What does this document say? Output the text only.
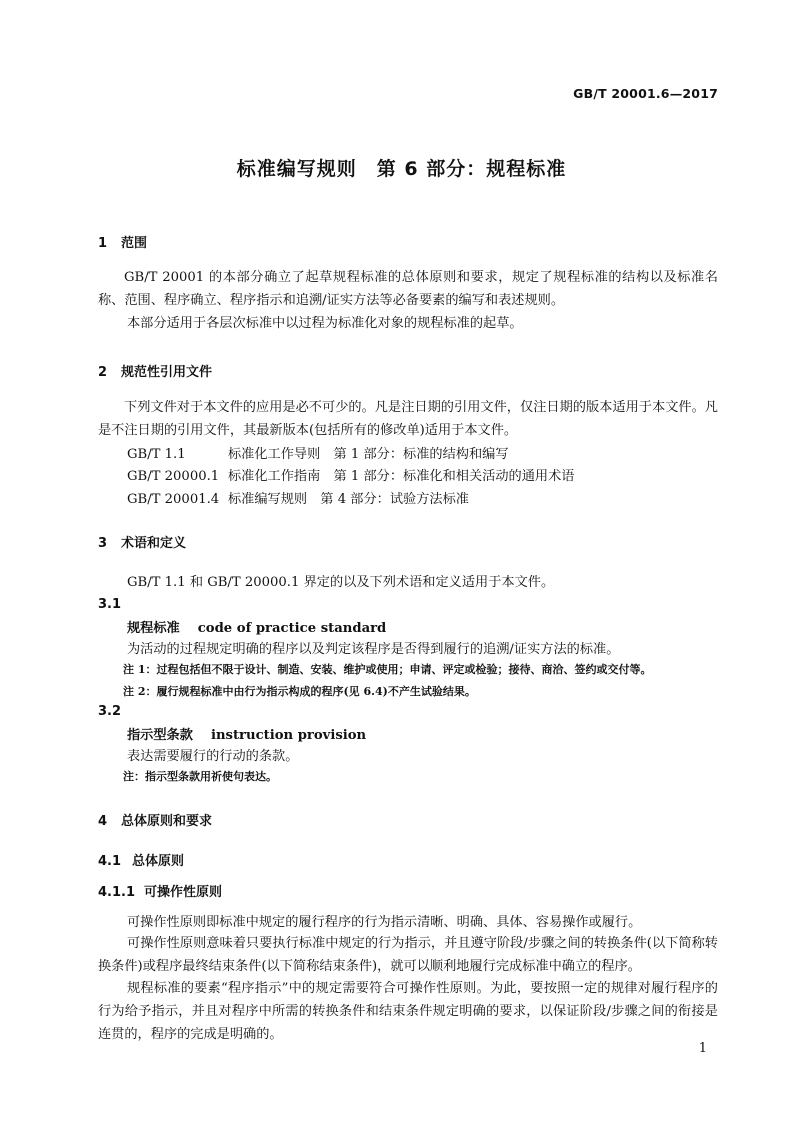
GB/T 20001.6—2017
标准编写规则　第 6 部分：规程标准
1 范围
GB/T 20001 的本部分确立了起草规程标准的总体原则和要求，规定了规程标准的结构以及标准名称、范围、程序确立、程序指示和追溯/证实方法等必备要素的编写和表述规则。
本部分适用于各层次标准中以过程为标准化对象的规程标准的起草。
2 规范性引用文件
下列文件对于本文件的应用是必不可少的。凡是注日期的引用文件，仅注日期的版本适用于本文件。凡是不注日期的引用文件，其最新版本(包括所有的修改单)适用于本文件。
GB/T 1.1	标准化工作导则　第 1 部分：标准的结构和编写
GB/T 20000.1 标准化工作指南　第 1 部分：标准化和相关活动的通用术语
GB/T 20001.4 标准编写规则　第 4 部分：试验方法标准
3 术语和定义
GB/T 1.1 和 GB/T 20000.1 界定的以及下列术语和定义适用于本文件。
3.1
规程标准 code of practice standard
为活动的过程规定明确的程序以及判定该程序是否得到履行的追溯/证实方法的标准。
注 1：过程包括但不限于设计、制造、安装、维护或使用；申请、评定或检验；接待、商洽、签约或交付等。
注 2：履行规程标准中由行为指示构成的程序(见 6.4)不产生试验结果。
3.2
指示型条款 instruction provision
表达需要履行的行动的条款。
注：指示型条款用祈使句表达。
4 总体原则和要求
4.1 总体原则
4.1.1 可操作性原则
可操作性原则即标准中规定的履行程序的行为指示清晰、明确、具体、容易操作或履行。
可操作性原则意味着只要执行标准中规定的行为指示，并且遵守阶段/步骤之间的转换条件(以下简称转换条件)或程序最终结束条件(以下简称结束条件)，就可以顺利地履行完成标准中确立的程序。
规程标准的要素“程序指示”中的规定需要符合可操作性原则。为此，要按照一定的规律对履行程序的行为给予指示，并且对程序中所需的转换条件和结束条件规定明确的要求，以保证阶段/步骤之间的衔接是连贯的，程序的完成是明确的。
1
